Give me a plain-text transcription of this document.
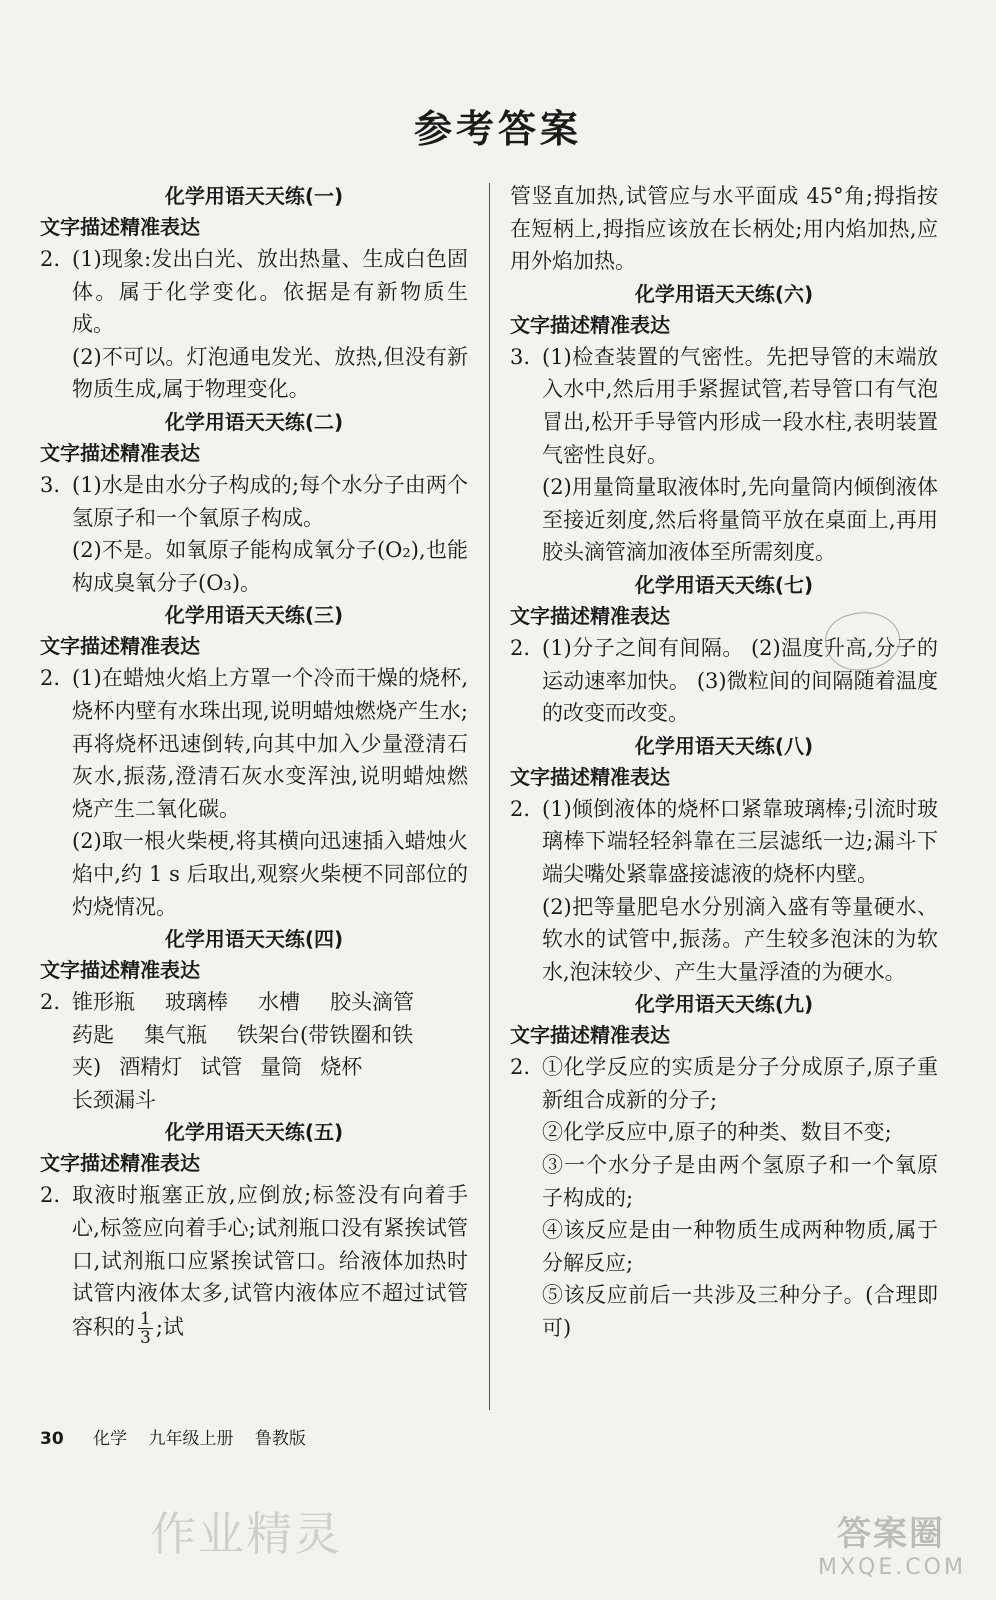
参考答案
化学用语天天练(一)
文字描述精准表达
2. (1)现象:发出白光、放出热量、生成白色固体。属于化学变化。依据是有新物质生成。

(2)不可以。灯泡通电发光、放热,但没有新物质生成,属于物理变化。

化学用语天天练(二)
文字描述精准表达
3. (1)水是由水分子构成的;每个水分子由两个氢原子和一个氧原子构成。

(2)不是。如氧原子能构成氧分子(O₂),也能构成臭氧分子(O₃)。

化学用语天天练(三)
文字描述精准表达
2. (1)在蜡烛火焰上方罩一个冷而干燥的烧杯,烧杯内壁有水珠出现,说明蜡烛燃烧产生水;再将烧杯迅速倒转,向其中加入少量澄清石灰水,振荡,澄清石灰水变浑浊,说明蜡烛燃烧产生二氧化碳。

(2)取一根火柴梗,将其横向迅速插入蜡烛火焰中,约 1 s 后取出,观察火柴梗不同部位的灼烧情况。

化学用语天天练(四)
文字描述精准表达
2. 锥形瓶 玻璃棒 水槽 胶头滴管
药匙 集气瓶 铁架台(带铁圈和铁
夹) 酒精灯 试管 量筒 烧杯
长颈漏斗
化学用语天天练(五)
文字描述精准表达
2. 取液时瓶塞正放,应倒放;标签没有向着手心,标签应向着手心;试剂瓶口没有紧挨试管口,试剂瓶口应紧挨试管口。给液体加热时试管内液体太多,试管内液体应不超过试管容积的 $\frac{1}{3}$ ;试

管竖直加热,试管应与水平面成 45°角;拇指按在短柄上,拇指应该放在长柄处;用内焰加热,应用外焰加热。

化学用语天天练(六)
文字描述精准表达
3. (1)检查装置的气密性。先把导管的末端放入水中,然后用手紧握试管,若导管口有气泡冒出,松开手导管内形成一段水柱,表明装置气密性良好。

(2)用量筒量取液体时,先向量筒内倾倒液体至接近刻度,然后将量筒平放在桌面上,再用胶头滴管滴加液体至所需刻度。

化学用语天天练(七)
文字描述精准表达
2. (1)分子之间有间隔。 (2)温度升高,分子的运动速率加快。 (3)微粒间的间隔随着温度的改变而改变。

化学用语天天练(八)
文字描述精准表达
2. (1)倾倒液体的烧杯口紧靠玻璃棒;引流时玻璃棒下端轻轻斜靠在三层滤纸一边;漏斗下端尖嘴处紧靠盛接滤液的烧杯内壁。

(2)把等量肥皂水分别滴入盛有等量硬水、软水的试管中,振荡。产生较多泡沫的为软水,泡沫较少、产生大量浮渣的为硬水。

化学用语天天练(九)
文字描述精准表达
2. ①化学反应的实质是分子分成原子,原子重新组合成新的分子;

②化学反应中,原子的种类、数目不变;

③一个水分子是由两个氢原子和一个氧原子构成的;

④该反应是由一种物质生成两种物质,属于分解反应;

⑤该反应前后一共涉及三种分子。(合理即可)

30 化学 九年级上册 鲁教版
作业精灵	答案圈
MXQE.COM
